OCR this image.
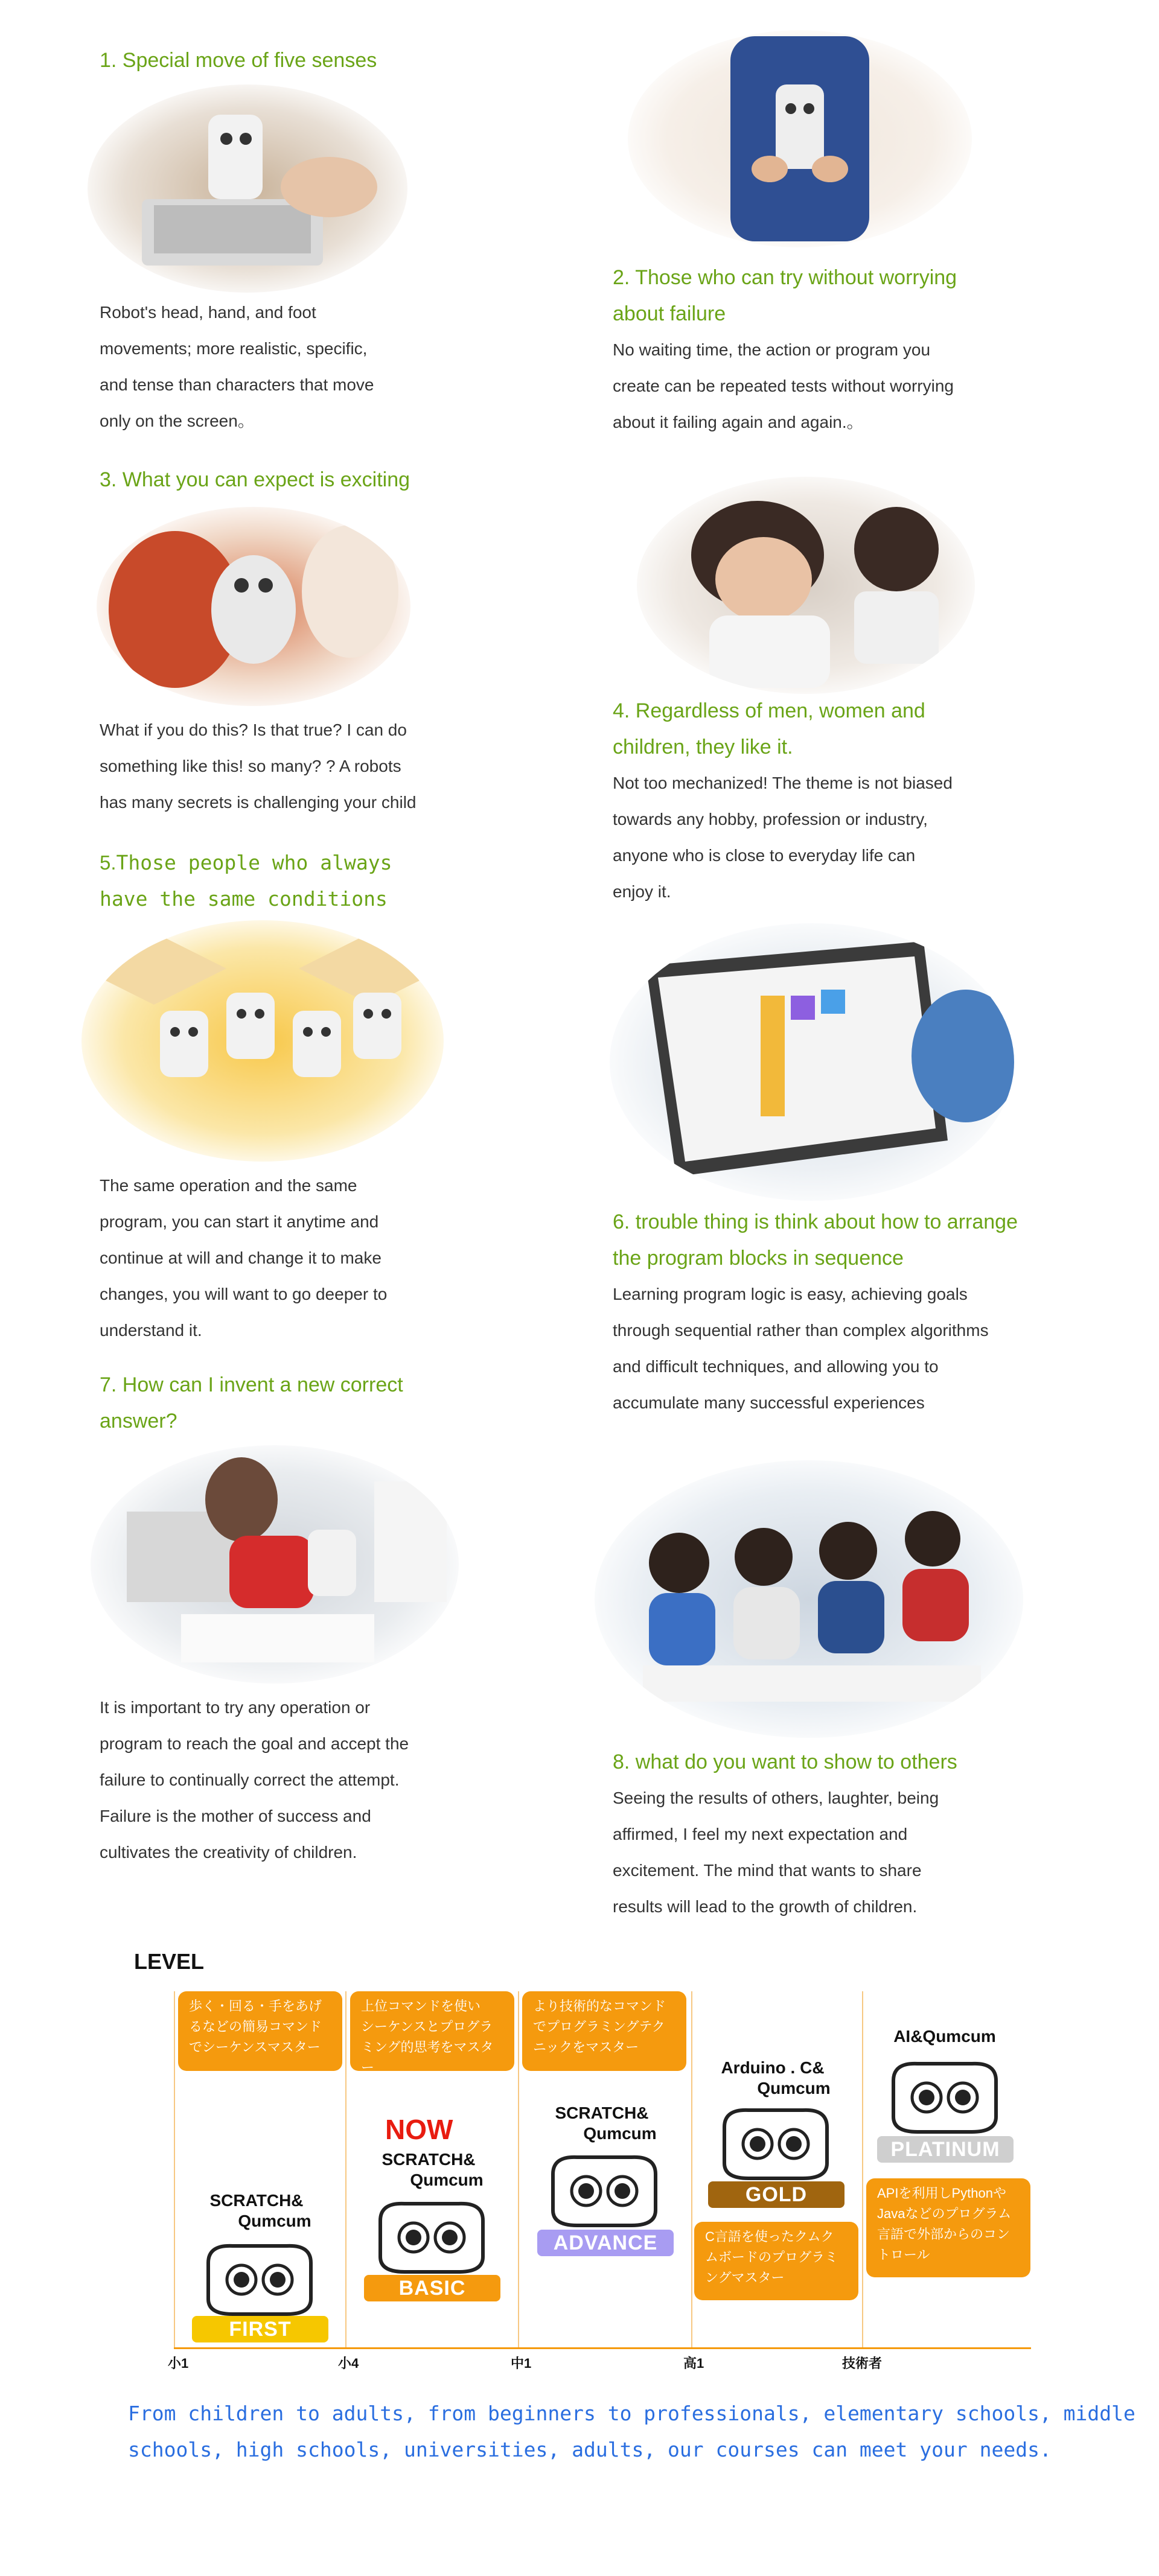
1. Special move of five senses

Robot's head, hand, and foot

movements; more realistic, specific,

and tense than characters that move

only on the screen。

3. What you can expect is exciting

What if you do this? Is that true? I can do

something like this! so many? ? A robots

has many secrets is challenging your child

5.Those people who always

have the same conditions

The same operation and the same

program, you can start it anytime and

continue at will and change it to make

changes, you will want to go deeper to

understand it.

7. How can I invent a new correct

answer?

It is important to try any operation or

program to reach the goal and accept the

failure to continually correct the attempt.

Failure is the mother of success and

cultivates the creativity of children.

2. Those who can try without worrying

about failure

No waiting time, the action or program you

create can be repeated tests without worrying

about it failing again and again.。

4. Regardless of men, women and

children, they like it.

Not too mechanized! The theme is not biased

towards any hobby, profession or industry,

anyone who is close to everyday life can

enjoy it.

6. trouble thing is think about how to arrange

the program blocks in sequence

Learning program logic is easy, achieving goals

through sequential rather than complex algorithms

and difficult techniques, and allowing you to

accumulate many successful experiences

8. what do you want to show to others

Seeing the results of others, laughter, being

affirmed, I feel my next expectation and

excitement. The mind that wants to share

results will lead to the growth of children.

LEVEL
歩く・回る・手をあげ
るなどの簡易コマンド
でシーケンスマスター
上位コマンドを使い
シーケンスとプログラ
ミング的思考をマスター
より技術的なコマンド
でプログラミングテク
ニックをマスター
C言語を使ったクムク
ムボードのプログラミ
ングマスター
APIを利用しPythonや
Javaなどのプログラム
言語で外部からのコン
トロール
NOW
SCRATCH&
Qumcum
FIRST
SCRATCH&
Qumcum
BASIC
SCRATCH&
Qumcum
ADVANCE
Arduino . C&
Qumcum
GOLD
AI&Qumcum
PLATINUM
小1	小4	中1	高1	技術者

From children to adults, from beginners to professionals, elementary schools, middle

schools, high schools, universities, adults, our courses can meet your needs.
